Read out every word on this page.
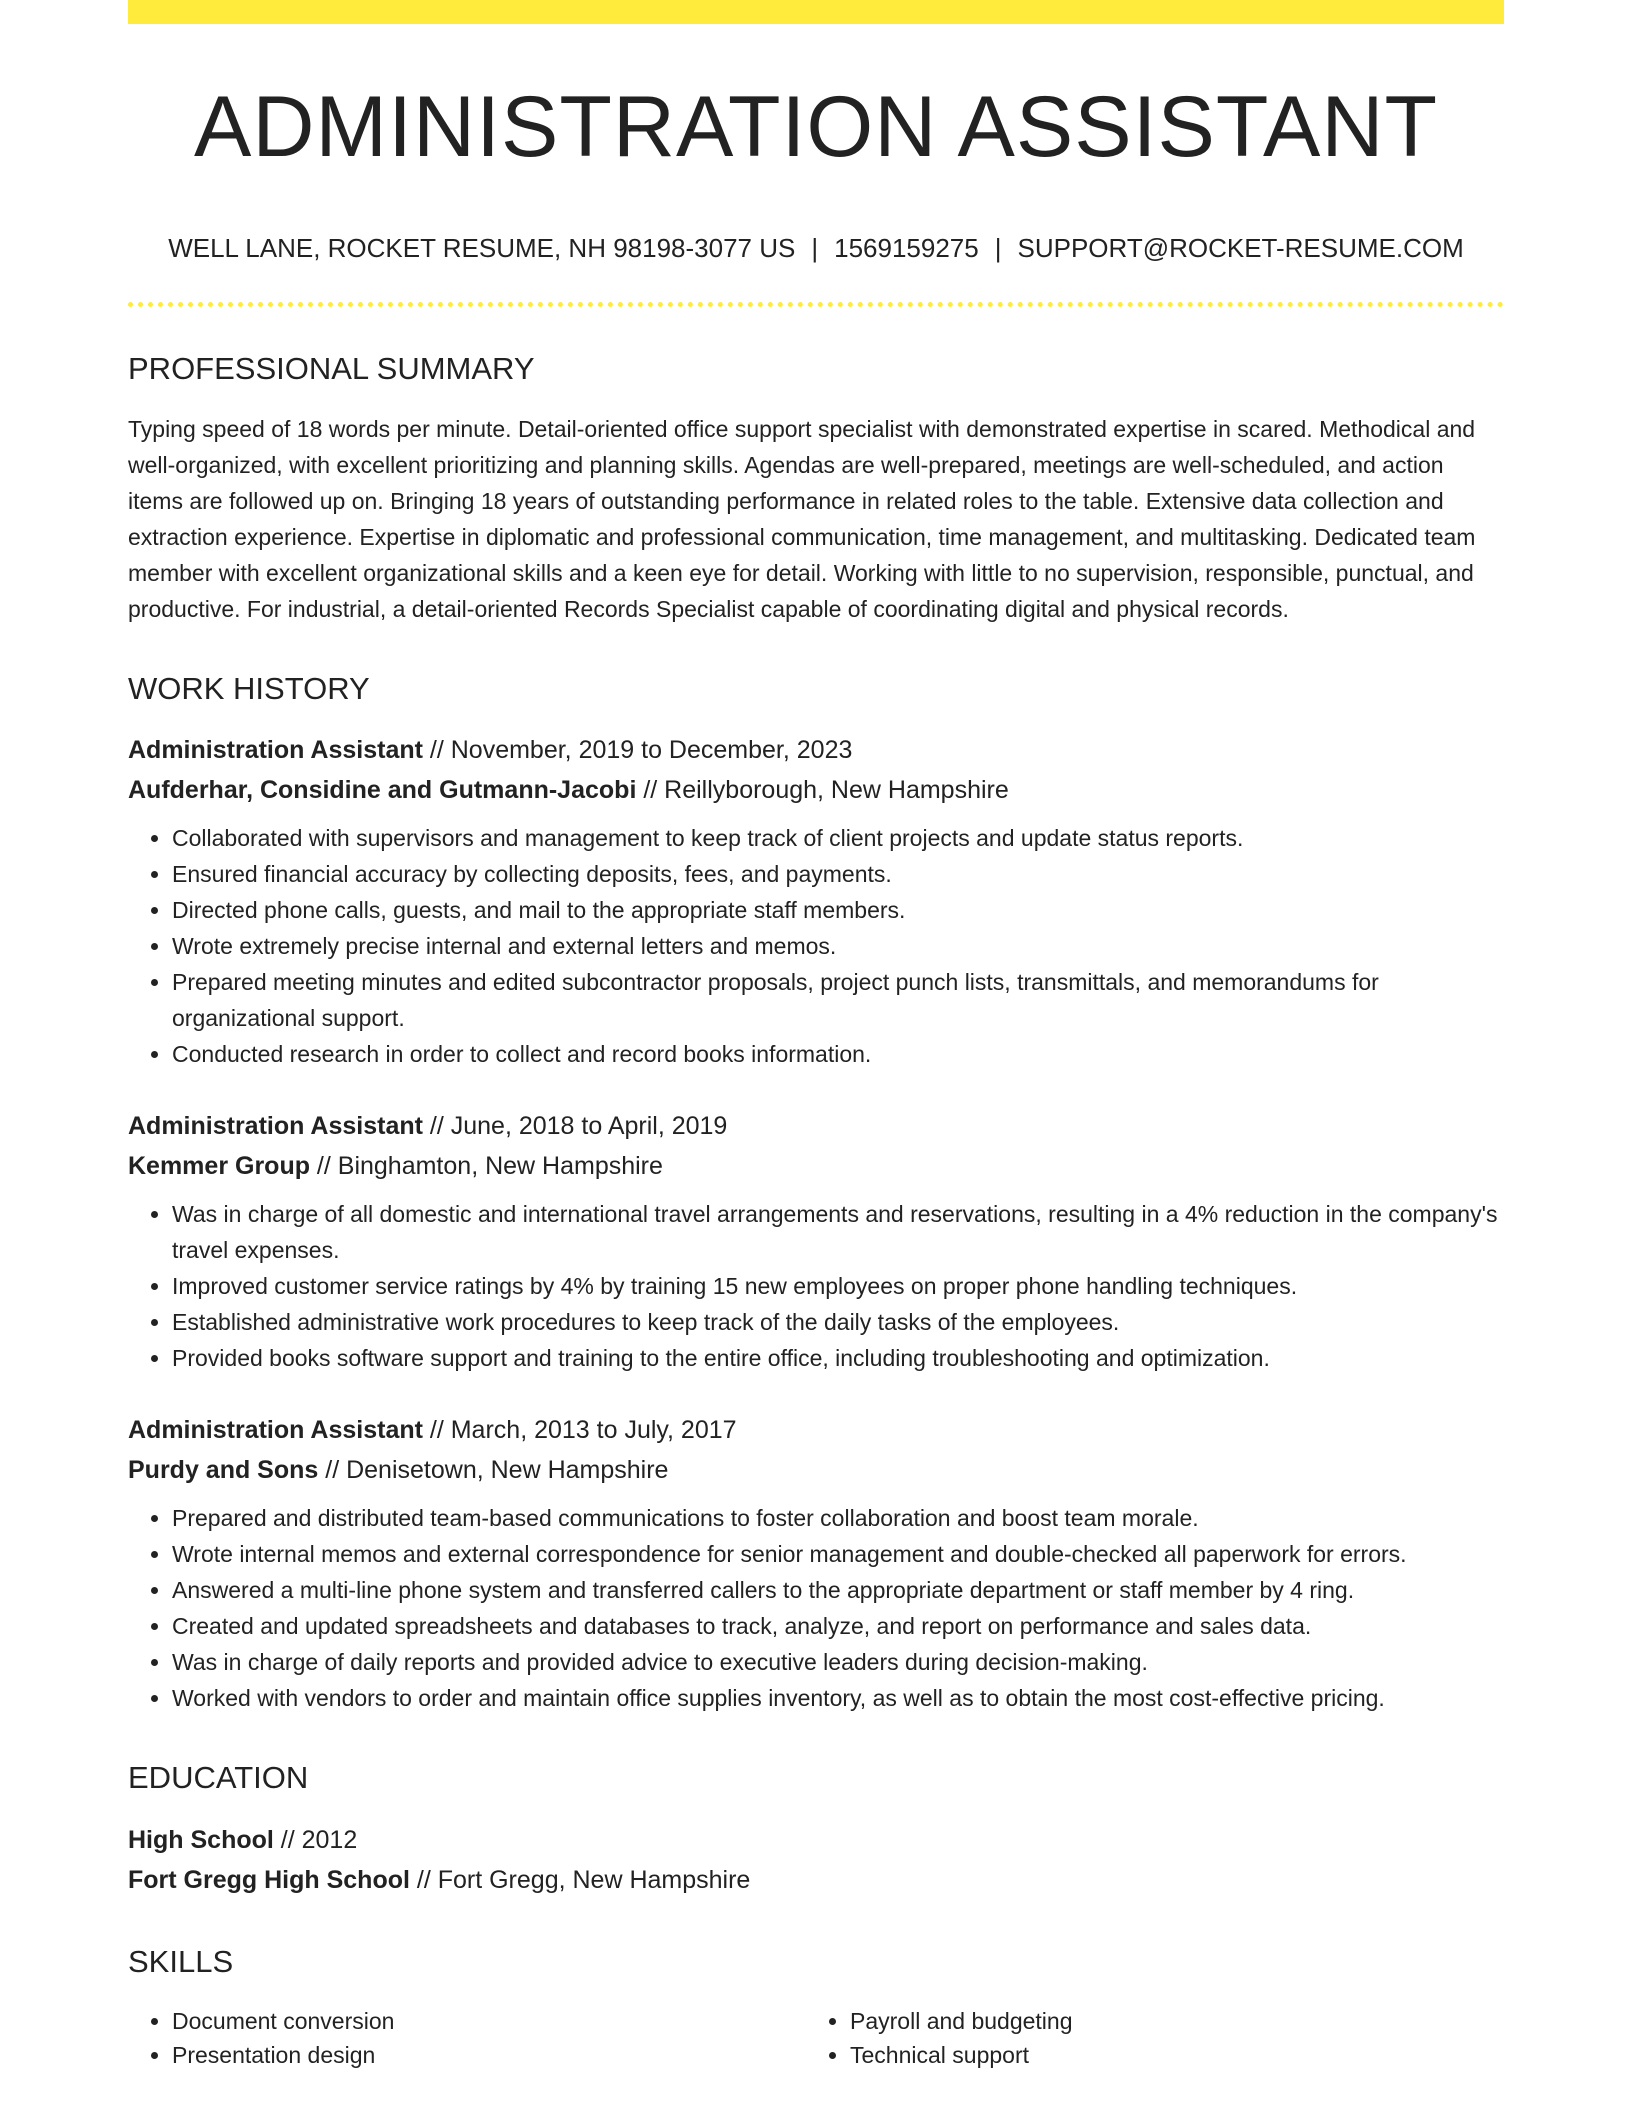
ADMINISTRATION ASSISTANT
WELL LANE, ROCKET RESUME, NH 98198-3077 US | 1569159275 | SUPPORT@ROCKET-RESUME.COM
PROFESSIONAL SUMMARY

Typing speed of 18 words per minute. Detail-oriented office support specialist with demonstrated expertise in scared. Methodical and well-organized, with excellent prioritizing and planning skills. Agendas are well-prepared, meetings are well-scheduled, and action items are followed up on. Bringing 18 years of outstanding performance in related roles to the table. Extensive data collection and extraction experience. Expertise in diplomatic and professional communication, time management, and multitasking. Dedicated team member with excellent organizational skills and a keen eye for detail. Working with little to no supervision, responsible, punctual, and productive. For industrial, a detail-oriented Records Specialist capable of coordinating digital and physical records.

WORK HISTORY
Administration Assistant // November, 2019 to December, 2023
Aufderhar, Considine and Gutmann-Jacobi // Reillyborough, New Hampshire
• Collaborated with supervisors and management to keep track of client projects and update status reports.
• Ensured financial accuracy by collecting deposits, fees, and payments.
• Directed phone calls, guests, and mail to the appropriate staff members.
• Wrote extremely precise internal and external letters and memos.
• Prepared meeting minutes and edited subcontractor proposals, project punch lists, transmittals, and memorandums for organizational support.
• Conducted research in order to collect and record books information.
Administration Assistant // June, 2018 to April, 2019
Kemmer Group // Binghamton, New Hampshire
• Was in charge of all domestic and international travel arrangements and reservations, resulting in a 4% reduction in the company's travel expenses.
• Improved customer service ratings by 4% by training 15 new employees on proper phone handling techniques.
• Established administrative work procedures to keep track of the daily tasks of the employees.
• Provided books software support and training to the entire office, including troubleshooting and optimization.
Administration Assistant // March, 2013 to July, 2017
Purdy and Sons // Denisetown, New Hampshire
• Prepared and distributed team-based communications to foster collaboration and boost team morale.
• Wrote internal memos and external correspondence for senior management and double-checked all paperwork for errors.
• Answered a multi-line phone system and transferred callers to the appropriate department or staff member by 4 ring.
• Created and updated spreadsheets and databases to track, analyze, and report on performance and sales data.
• Was in charge of daily reports and provided advice to executive leaders during decision-making.
• Worked with vendors to order and maintain office supplies inventory, as well as to obtain the most cost-effective pricing.
EDUCATION
High School // 2012
Fort Gregg High School // Fort Gregg, New Hampshire
SKILLS
• Document conversion
• Presentation design
• Payroll and budgeting
• Technical support
